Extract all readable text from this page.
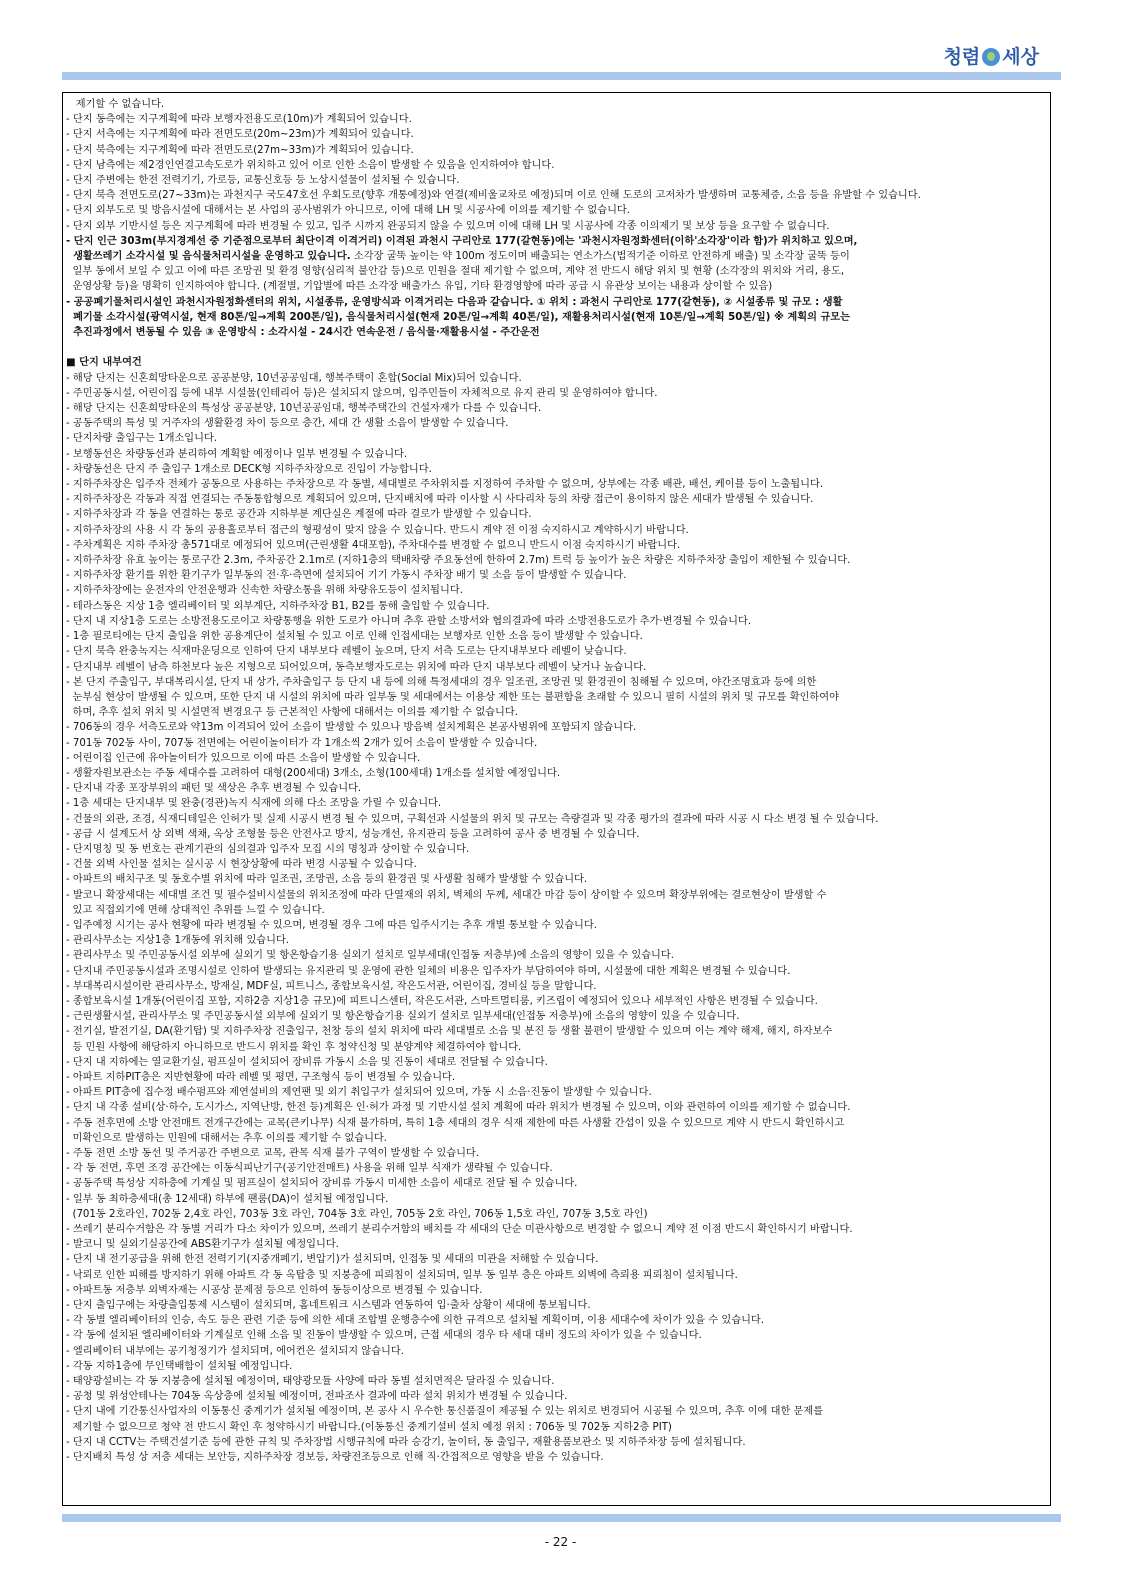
청렴 세상
제기할 수 없습니다.
- 단지 동측에는 지구계획에 따라 보행자전용도로(10m)가 계획되어 있습니다.
- 단지 서측에는 지구계획에 따라 전면도로(20m~23m)가 계획되어 있습니다.
- 단지 북측에는 지구계획에 따라 전면도로(27m~33m)가 계획되어 있습니다.
- 단지 남측에는 제2경인연결고속도로가 위치하고 있어 이로 인한 소음이 발생할 수 있음을 인지하여야 합니다.
- 단지 주변에는 한전 전력기기, 가로등, 교통신호등 등 노상시설물이 설치될 수 있습니다.
- 단지 북측 전면도로(27~33m)는 과천지구 국도47호선 우회도로(향후 개통예정)와 연결(제비울교차로 예정)되며 이로 인해 도로의 고저차가 발생하며 교통체증, 소음 등을 유발할 수 있습니다.
- 단지 외부도로 및 방음시설에 대해서는 본 사업의 공사범위가 아니므로, 이에 대해 LH 및 시공사에 이의를 제기할 수 없습니다.
- 단지 외부 기반시설 등은 지구계획에 따라 변경될 수 있고, 입주 시까지 완공되지 않을 수 있으며 이에 대해 LH 및 시공사에 각종 이의제기 및 보상 등을 요구할 수 없습니다.
- 단지 인근 303m(부지경계선 중 기준점으로부터 최단이격 이격거리) 이격된 과천시 구리안로 177(갈현동)에는 '과천시자원정화센터(이하'소각장'이라 함)가 위치하고 있으며,
생활쓰레기 소각시설 및 음식물처리시설을 운영하고 있습니다. 소각장 굴뚝 높이는 약 100m 정도이며 배출되는 연소가스(법적기준 이하로 안전하게 배출) 및 소각장 굴뚝 등이
일부 동에서 보일 수 있고 이에 따른 조망권 및 환경 영향(심리적 불안감 등)으로 민원을 절대 제기할 수 없으며, 계약 전 반드시 해당 위치 및 현황 (소각장의 위치와 거리, 용도,
운영상황 등)을 명확히 인지하여야 합니다. (계절별, 기압별에 따른 소각장 배출가스 유입, 기타 환경영향에 따라 공급 시 유관상 보이는 내용과 상이할 수 있음)
- 공공폐기물처리시설인 과천시자원정화센터의 위치, 시설종류, 운영방식과 이격거리는 다음과 같습니다. ① 위치 : 과천시 구리안로 177(갈현동), ② 시설종류 및 규모 : 생활
폐기물 소각시설(광역시설, 현재 80톤/일→계획 200톤/일), 음식물처리시설(현재 20톤/일→계획 40톤/일), 재활용처리시설(현재 10톤/일→계획 50톤/일) ※ 계획의 규모는
추진과정에서 변동될 수 있음 ③ 운영방식 : 소각시설 - 24시간 연속운전 / 음식물·재활용시설 - 주간운전
■ 단지 내부여건
- 해당 단지는 신혼희망타운으로 공공분양, 10년공공임대, 행복주택이 혼합(Social Mix)되어 있습니다.
- 주민공동시설, 어린이집 등에 내부 시설물(인테리어 등)은 설치되지 않으며, 입주민들이 자체적으로 유지 관리 및 운영하여야 합니다.
- 해당 단지는 신혼희망타운의 특성상 공공분양, 10년공공임대, 행복주택간의 건설자재가 다를 수 있습니다.
- 공동주택의 특성 및 거주자의 생활환경 차이 등으로 층간, 세대 간 생활 소음이 발생할 수 있습니다.
- 단지차량 출입구는 1개소입니다.
- 보행동선은 차량동선과 분리하여 계획할 예정이나 일부 변경될 수 있습니다.
- 차량동선은 단지 주 출입구 1개소로 DECK형 지하주차장으로 진입이 가능합니다.
- 지하주차장은 입주자 전체가 공동으로 사용하는 주차장으로 각 동별, 세대별로 주차위치를 지정하여 주차할 수 없으며, 상부에는 각종 배관, 배선, 케이블 등이 노출됩니다.
- 지하주차장은 각동과 직접 연결되는 주동통합형으로 계획되어 있으며, 단지배치에 따라 이사할 시 사다리차 등의 차량 접근이 용이하지 않은 세대가 발생될 수 있습니다.
- 지하주차장과 각 동을 연결하는 통로 공간과 지하부분 계단실은 계절에 따라 결로가 발생할 수 있습니다.
- 지하주차장의 사용 시 각 동의 공용홀로부터 접근의 형평성이 맞지 않을 수 있습니다. 반드시 계약 전 이점 숙지하시고 계약하시기 바랍니다.
- 주차계획은 지하 주차장 총571대로 예정되어 있으며(근린생활 4대포함), 주차대수를 변경할 수 없으니 반드시 이점 숙지하시기 바랍니다.
- 지하주차장 유효 높이는 통로구간 2.3m, 주차공간 2.1m로 (지하1층의 택배차량 주요동선에 한하여 2.7m) 트럭 등 높이가 높은 차량은 지하주차장 출입이 제한될 수 있습니다.
- 지하주차장 환기를 위한 환기구가 일부동의 전·후·측면에 설치되어 기기 가동시 주차장 배기 및 소음 등이 발생할 수 있습니다.
- 지하주차장에는 운전자의 안전운행과 신속한 차량소통을 위해 차량유도등이 설치됩니다.
- 테라스동은 지상 1층 엘리베이터 및 외부계단, 지하주차장 B1, B2를 통해 출입할 수 있습니다.
- 단지 내 지상1층 도로는 소방전용도로이고 차량통행을 위한 도로가 아니며 추후 관할 소방서와 협의결과에 따라 소방전용도로가 추가·변경될 수 있습니다.
- 1층 필로티에는 단지 출입을 위한 공용계단이 설치될 수 있고 이로 인해 인접세대는 보행자로 인한 소음 등이 발생할 수 있습니다.
- 단지 북측 완충녹지는 식재마운딩으로 인하여 단지 내부보다 레벨이 높으며, 단지 서측 도로는 단지내부보다 레벨이 낮습니다.
- 단지내부 레벨이 남측 하천보다 높은 지형으로 되어있으며, 동측보행자도로는 위치에 따라 단지 내부보다 레벨이 낮거나 높습니다.
- 본 단지 주출입구, 부대복리시설, 단지 내 상가, 주차출입구 등 단지 내 등에 의해 특정세대의 경우 일조권, 조망권 및 환경권이 침해될 수 있으며, 야간조명효과 등에 의한
눈부심 현상이 발생될 수 있으며, 또한 단지 내 시설의 위치에 따라 일부동 및 세대에서는 이용상 제한 또는 불편함을 초래할 수 있으니 필히 시설의 위치 및 규모를 확인하여야
하며, 추후 설치 위치 및 시설면적 변경요구 등 근본적인 사항에 대해서는 이의를 제기할 수 없습니다.
- 706동의 경우 서측도로와 약13m 이격되어 있어 소음이 발생할 수 있으나 방음벽 설치계획은 본공사범위에 포함되지 않습니다.
- 701동 702동 사이, 707동 전면에는 어린이놀이터가 각 1개소씩 2개가 있어 소음이 발생할 수 있습니다.
- 어린이집 인근에 유아놀이터가 있으므로 이에 따른 소음이 발생할 수 있습니다.
- 생활자원보관소는 주동 세대수를 고려하여 대형(200세대) 3개소, 소형(100세대) 1개소를 설치할 예정입니다.
- 단지내 각종 포장부위의 패턴 및 색상은 추후 변경될 수 있습니다.
- 1층 세대는 단지내부 및 완충(경관)녹지 식재에 의해 다소 조망을 가릴 수 있습니다.
- 건물의 외관, 조경, 식재디테일은 인허가 및 실제 시공시 변경 될 수 있으며, 구획선과 시설물의 위치 및 규모는 측량결과 및 각종 평가의 결과에 따라 시공 시 다소 변경 될 수 있습니다.
- 공급 시 설계도서 상 외벽 색채, 옥상 조형물 등은 안전사고 방지, 성능개선, 유지관리 등을 고려하여 공사 중 변경될 수 있습니다.
- 단지명칭 및 동 번호는 관계기관의 심의결과 입주자 모집 시의 명칭과 상이할 수 있습니다.
- 건물 외벽 사인물 설치는 실시공 시 현장상황에 따라 변경 시공될 수 있습니다.
- 아파트의 배치구조 및 동호수별 위치에 따라 일조권, 조망권, 소음 등의 환경권 및 사생활 침해가 발생할 수 있습니다.
- 발코니 확장세대는 세대별 조건 및 필수설비시설물의 위치조정에 따라 단열재의 위치, 벽체의 두께, 세대간 마감 등이 상이할 수 있으며 확장부위에는 결로현상이 발생할 수
있고 직접외기에 면해 상대적인 추위를 느낄 수 있습니다.
- 입주예정 시기는 공사 현황에 따라 변경될 수 있으며, 변경될 경우 그에 따른 입주시기는 추후 개별 통보할 수 있습니다.
- 관리사무소는 지상1층 1개동에 위치해 있습니다.
- 관리사무소 및 주민공동시설 외부에 실외기 및 항온항습기용 실외기 설치로 일부세대(인접동 저층부)에 소음의 영향이 있을 수 있습니다.
- 단지내 주민공동시설과 조명시설로 인하여 발생되는 유지관리 및 운영에 관한 일체의 비용은 입주자가 부담하여야 하며, 시설물에 대한 계획은 변경될 수 있습니다.
- 부대복리시설이란 관리사무소, 방재실, MDF실, 피트니스, 종합보육시설, 작은도서관, 어린이집, 경비실 등을 말합니다.
- 종합보육시설 1개동(어린이집 포함, 지하2층 지상1층 규모)에 피트니스센터, 작은도서관, 스마트멀티룸, 키즈립이 예정되어 있으나 세부적인 사항은 변경될 수 있습니다.
- 근린생활시설, 관리사무소 및 주민공동시설 외부에 실외기 및 항온항습기용 실외기 설치로 일부세대(인접동 저층부)에 소음의 영향이 있을 수 있습니다.
- 전기실, 발전기실, DA(환기탑) 및 지하주차장 진출입구, 천창 등의 설치 위치에 따라 세대별로 소음 및 분진 등 생활 불편이 발생할 수 있으며 이는 계약 해제, 해지, 하자보수
등 민원 사항에 해당하지 아니하므로 반드시 위치를 확인 후 청약신청 및 분양계약 체결하여야 합니다.
- 단지 내 지하에는 열교환기실, 펌프실이 설치되어 장비류 가동시 소음 및 진동이 세대로 전달될 수 있습니다.
- 아파트 지하PIT층은 지반현황에 따라 레벨 및 평면, 구조형식 등이 변경될 수 있습니다.
- 아파트 PIT층에 집수정 배수펌프와 제연설비의 제연팬 및 외기 취입구가 설치되어 있으며, 가동 시 소음·진동이 발생할 수 있습니다.
- 단지 내 각종 설비(상·하수, 도시가스, 지역난방, 한전 등)계획은 인·허가 과정 및 기반시설 설치 계획에 따라 위치가 변경될 수 있으며, 이와 관련하여 이의를 제기할 수 없습니다.
- 주동 전후면에 소방 안전매트 전개구간에는 교목(큰키나무) 식재 불가하며, 특히 1층 세대의 경우 식재 제한에 따른 사생활 간섭이 있을 수 있으므로 계약 시 반드시 확인하시고
미확인으로 발생하는 민원에 대해서는 추후 이의를 제기할 수 없습니다.
- 주동 전면 소방 동선 및 주거공간 주변으로 교목, 관목 식재 불가 구역이 발생할 수 있습니다.
- 각 동 전면, 후면 조경 공간에는 이동식피난기구(공기안전매트) 사용을 위해 일부 식재가 생략될 수 있습니다.
- 공동주택 특성상 지하층에 기계실 및 펌프실이 설치되어 장비류 가동시 미세한 소음이 세대로 전달 될 수 있습니다.
- 일부 동 최하층세대(총 12세대) 하부에 팬룸(DA)이 설치될 예정입니다.
(701동 2호라인, 702동 2,4호 라인, 703동 3호 라인, 704동 3호 라인, 705동 2호 라인, 706동 1,5호 라인, 707동 3,5호 라인)
- 쓰레기 분리수거함은 각 동별 거리가 다소 차이가 있으며, 쓰레기 분리수거함의 배치를 각 세대의 단순 미관사항으로 변경할 수 없으니 계약 전 이점 반드시 확인하시기 바랍니다.
- 발코니 및 실외기실공간에 ABS환기구가 설치될 예정입니다.
- 단지 내 전기공급을 위해 한전 전력기기(지중개폐기, 변압기)가 설치되며, 인접동 및 세대의 미관을 저해할 수 있습니다.
- 낙뢰로 인한 피해를 방지하기 위해 아파트 각 동 옥탑층 및 지붕층에 피뢰침이 설치되며, 일부 동 일부 층은 아파트 외벽에 측뢰용 피뢰침이 설치됩니다.
- 아파트동 저층부 외벽자재는 시공상 문제점 등으로 인하여 동등이상으로 변경될 수 있습니다.
- 단지 출입구에는 차량출입통제 시스템이 설치되며, 홈네트워크 시스템과 연동하여 입·출차 상황이 세대에 통보됩니다.
- 각 동별 엘리베이터의 인승, 속도 등은 관련 기준 등에 의한 세대 조합별 운행층수에 의한 규격으로 설치될 계획이며, 이용 세대수에 차이가 있을 수 있습니다.
- 각 동에 설치된 엘리베이터와 기계실로 인해 소음 및 진동이 발생할 수 있으며, 근접 세대의 경우 타 세대 대비 정도의 차이가 있을 수 있습니다.
- 엘리베이터 내부에는 공기청정기가 설치되며, 에어컨은 설치되지 않습니다.
- 각동 지하1층에 무인택배함이 설치될 예정입니다.
- 태양광설비는 각 동 지붕층에 설치될 예정이며, 태양광모듈 사양에 따라 동별 설치면적은 달라질 수 있습니다.
- 공청 및 위성안테나는 704동 옥상층에 설치될 예정이며, 전파조사 결과에 따라 설치 위치가 변경될 수 있습니다.
- 단지 내에 기간통신사업자의 이동통신 중계기가 설치될 예정이며, 본 공사 시 우수한 통신품질이 제공될 수 있는 위치로 변경되어 시공될 수 있으며, 추후 이에 대한 문제를
제기할 수 없으므로 청약 전 반드시 확인 후 청약하시기 바랍니다.(이동통신 중계기설비 설치 예정 위치 : 706동 및 702동 지하2층 PIT)
- 단지 내 CCTV는 주택건설기준 등에 관한 규칙 및 주차장법 시행규칙에 따라 승강기, 놀이터, 동 출입구, 재활용품보관소 및 지하주차장 등에 설치됩니다.
- 단지배치 특성 상 저층 세대는 보안등, 지하주차장 경보등, 차량전조등으로 인해 직·간접적으로 영향을 받을 수 있습니다.
- 22 -
